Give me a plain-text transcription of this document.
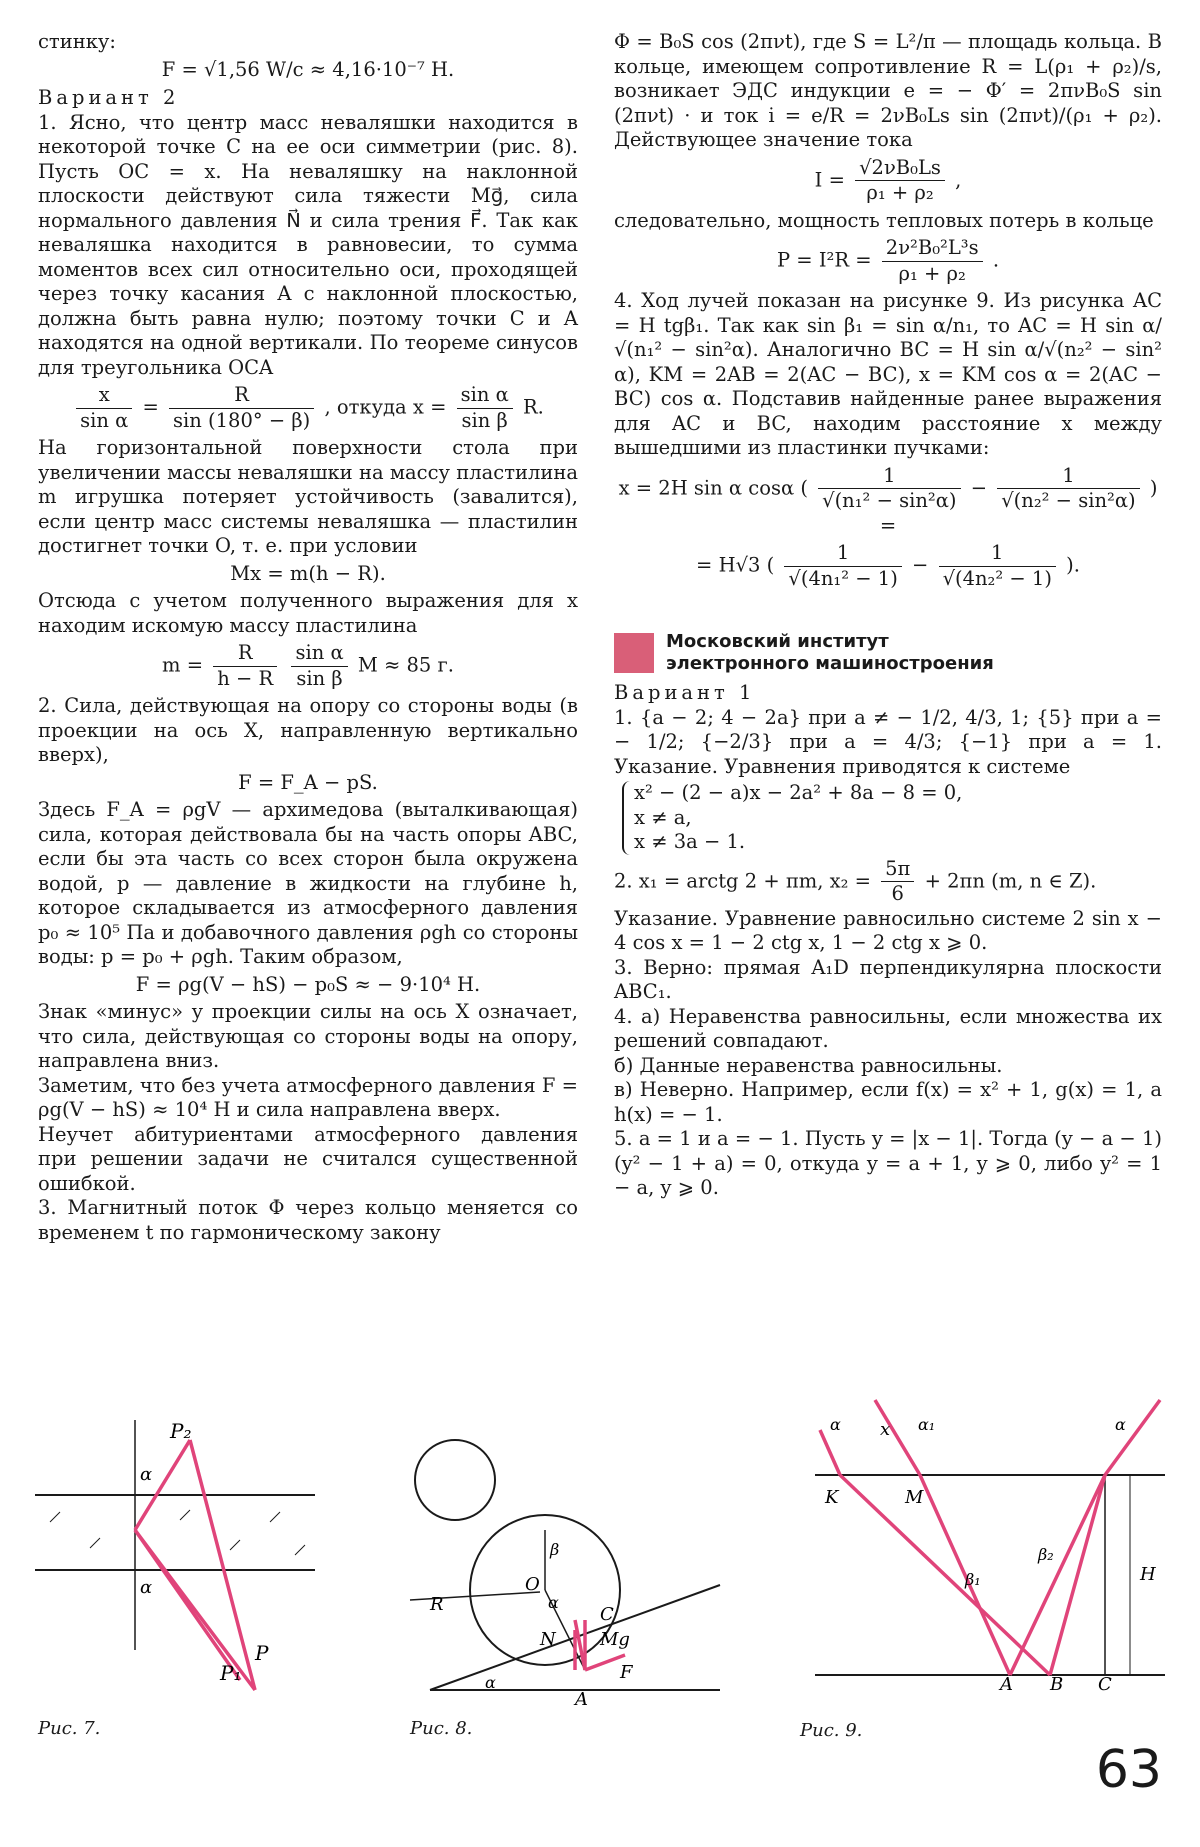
стинку:

F = √1,56 W/c ≈ 4,16·10⁻⁷ Н.

Вариант 2

1. Ясно, что центр масс неваляшки находится в некоторой точке C на ее оси симметрии (рис. 8). Пусть OC = x. На неваляшку на наклонной плоскости действуют сила тяжести Mg⃗, сила нормального давления N⃗ и сила трения F⃗. Так как неваляшка находится в равновесии, то сумма моментов всех сил относительно оси, проходящей через точку касания A с наклонной плоскостью, должна быть равна нулю; поэтому точки C и A находятся на одной вертикали. По теореме синусов для треугольника OCA

$\frac{x}{\text{sin α}} = \frac{R}{\sin (180^\circ - \beta)}$ , откуда $x = \frac{\text{sin α}}{\text{sin β}} R$.

На горизонтальной поверхности стола при увеличении массы неваляшки на массу пластилина m игрушка потеряет устойчивость (завалится), если центр масс системы неваляшка — пластилин достигнет точки O, т. е. при условии

Mx = m(h − R).

Отсюда с учетом полученного выражения для x находим искомую массу пластилина

$m = \frac{R}{h - R}$
$\frac{\text{sin α}}{\text{sin β}}$ M ≈ 85 г.

2. Сила, действующая на опору со стороны воды (в проекции на ось X, направленную вертикально вверх),

F = F_A − pS.

Здесь F_A = ρgV — архимедова (выталкивающая) сила, которая действовала бы на часть опоры ABC, если бы эта часть со всех сторон была окружена водой, p — давление в жидкости на глубине h, которое складывается из атмосферного давления p₀ ≈ 10⁵ Па и добавочного давления ρgh со стороны воды: p = p₀ + ρgh. Таким образом,

F = ρg(V − hS) − p₀S ≈ − 9·10⁴ Н.

Знак «минус» у проекции силы на ось X означает, что сила, действующая со стороны воды на опору, направлена вниз.

Заметим, что без учета атмосферного давления F = ρg(V − hS) ≈ 10⁴ Н и сила направлена вверх.

Неучет абитуриентами атмосферного давления при решении задачи не считался существенной ошибкой.

3. Магнитный поток Φ через кольцо меняется со временем t по гармоническому закону

Φ = B₀S cos (2πνt), где S = L²/π — площадь кольца. В кольце, имеющем сопротивление R = L(ρ₁ + ρ₂)/s, возникает ЭДС индукции e = − Φ′ = 2πνB₀S sin (2πνt) · и ток i = e/R = 2νB₀Ls sin (2πνt)/(ρ₁ + ρ₂). Действующее значение тока

$I = \frac{\text{√2νB₀Ls}}{\text{ρ₁ + ρ₂}}$ ,

следовательно, мощность тепловых потерь в кольце

$P = I^2R = \frac{\text{2ν²B₀²L³s}}{\text{ρ₁ + ρ₂}}$ .

4. Ход лучей показан на рисунке 9. Из рисунка AC = H tgβ₁. Так как sin β₁ = sin α/n₁, то AC = H sin α/√(n₁² − sin²α). Аналогично BC = H sin α/√(n₂² − sin² α), KM = 2AB = 2(AC − BC), x = KM cos α = 2(AC − BC) cos α. Подставив найденные ранее выражения для AC и BC, находим расстояние x между вышедшими из пластинки пучками:

x = 2H sin α cosα ( $\frac{1}{\text{√(n₁² − sin²α)}} - \frac{1}{\text{√(n₂² − sin²α)}}$ ) =
= H√3 ( $\frac{1}{\text{√(4n₁² − 1)}} - \frac{1}{\text{√(4n₂² − 1)}}$ ).
Московский институт
электронного машиностроения

Вариант 1

1. {a − 2; 4 − 2a} при a ≠ − 1/2, 4/3, 1; {5} при a = − 1/2; {−2/3} при a = 4/3; {−1} при a = 1. Указание. Уравнения приводятся к системе

x² − (2 − a)x − 2a² + 8a − 8 = 0,
x ≠ a,
x ≠ 3a − 1.
2. x₁ = arctg 2 + πm, $x_2 = \frac{5\pi}{6} + 2\pi n$ (m, n ∈ Z).

Указание. Уравнение равносильно системе 2 sin x − 4 cos x = 1 − 2 ctg x, 1 − 2 ctg x ⩾ 0.

3. Верно: прямая A₁D перпендикулярна плоскости ABC₁.

4. а) Неравенства равносильны, если множества их решений совпадают.

б) Данные неравенства равносильны.

в) Неверно. Например, если f(x) = x² + 1, g(x) = 1, а h(x) = − 1.

5. a = 1 и a = − 1. Пусть y = |x − 1|. Тогда (y − a − 1)(y² − 1 + a) = 0, откуда y = a + 1, y ⩾ 0, либо y² = 1 − a, y ⩾ 0.

P₂
P
P₁
α
α
Рис. 7.
R
O
β
α
C
N Mg
A
F
α
Рис. 8.
K	M
x
α	α₁	α
H
β₁
β₂
A B C
Рис. 9.
63
